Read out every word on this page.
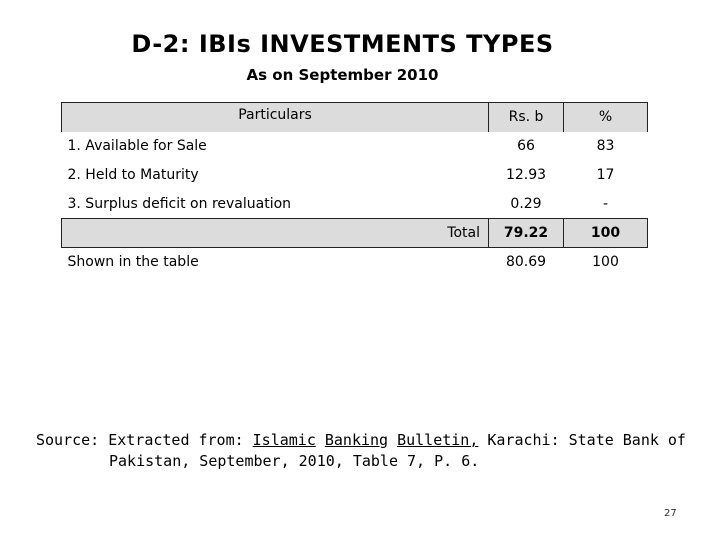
D-2: IBIs INVESTMENTS TYPES
As on September 2010
Particulars	Rs. b	%
1. Available for Sale	66	83
2. Held to Maturity	12.93	17
3. Surplus deficit on revaluation	0.29	-
Total	79.22	100
Shown in the table	80.69	100
Source: Extracted from: Islamic Banking Bulletin, Karachi: State Bank of
Pakistan, September, 2010, Table 7, P. 6.
27
